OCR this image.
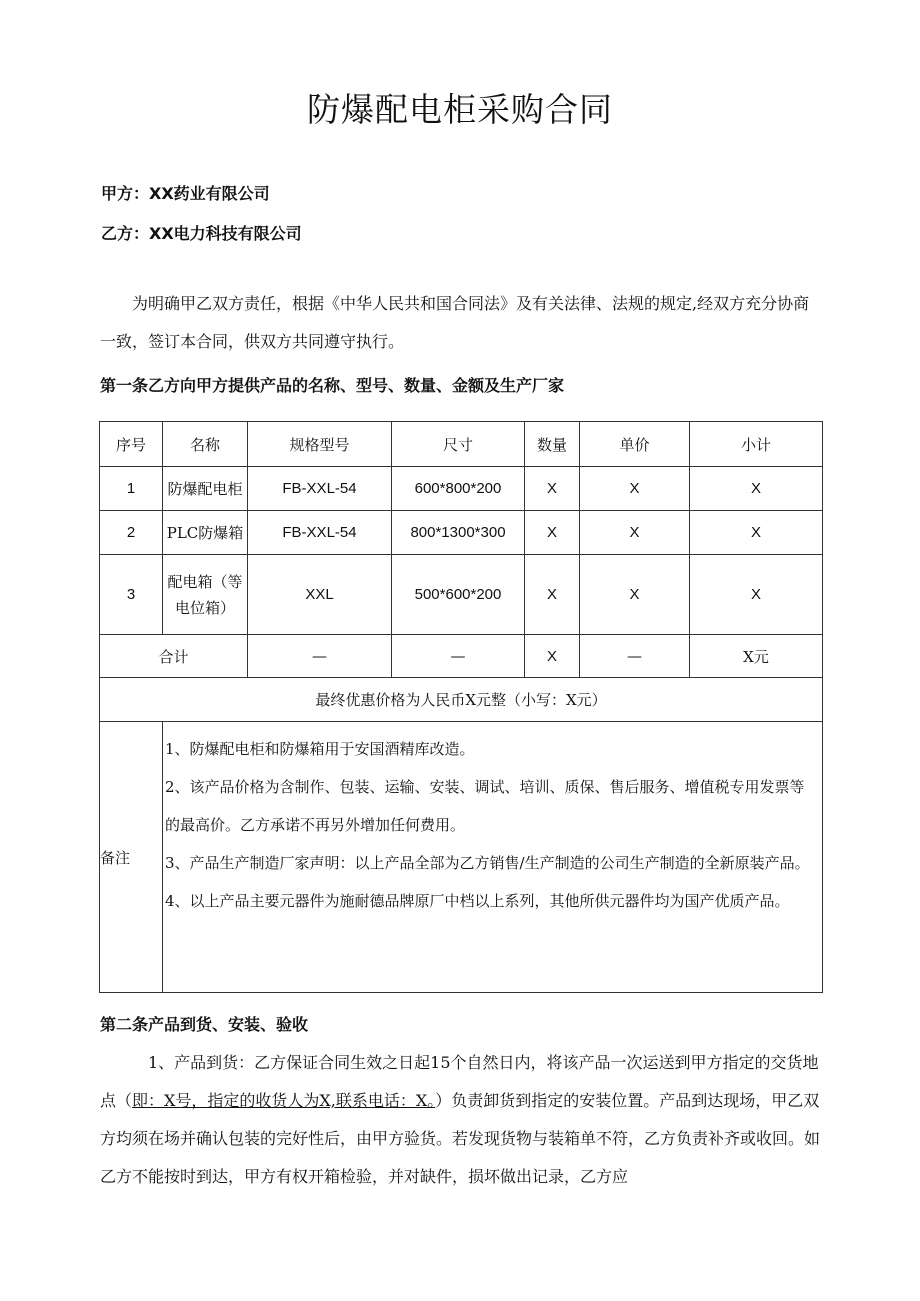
防爆配电柜采购合同
甲方：XX药业有限公司
乙方：XX电力科技有限公司
为明确甲乙双方责任，根据《中华人民共和国合同法》及有关法律、法规的规定,经双方充分协商一致，签订本合同，供双方共同遵守执行。
第一条乙方向甲方提供产品的名称、型号、数量、金额及生产厂家
序号	名称	规格型号	尺寸	数量	单价	小计
1	防爆配电柜	FB-XXL-54	600*800*200	X	X	X
2	PLC防爆箱	FB-XXL-54	800*1300*300	X	X	X
3	配电箱（等电位箱）	XXL	500*600*200	X	X	X
合计		—	—	X	—	X元
最终优惠价格为人民币X元整（小写：X元）						
备注	1、防爆配电柜和防爆箱用于安国酒精库改造。
2、该产品价格为含制作、包装、运输、安装、调试、培训、质保、售后服务、增值税专用发票等的最高价。乙方承诺不再另外增加任何费用。
3、产品生产制造厂家声明：以上产品全部为乙方销售/生产制造的公司生产制造的全新原装产品。
4、以上产品主要元器件为施耐德品牌原厂中档以上系列，其他所供元器件均为国产优质产品。					
第二条产品到货、安装、验收
1、产品到货：乙方保证合同生效之日起15个自然日内，将该产品一次运送到甲方指定的交货地点（即：X号，指定的收货人为X,联系电话：X。）负责卸货到指定的安装位置。产品到达现场，甲乙双方均须在场并确认包装的完好性后，由甲方验货。若发现货物与装箱单不符，乙方负责补齐或收回。如乙方不能按时到达，甲方有权开箱检验，并对缺件，损坏做出记录，乙方应
